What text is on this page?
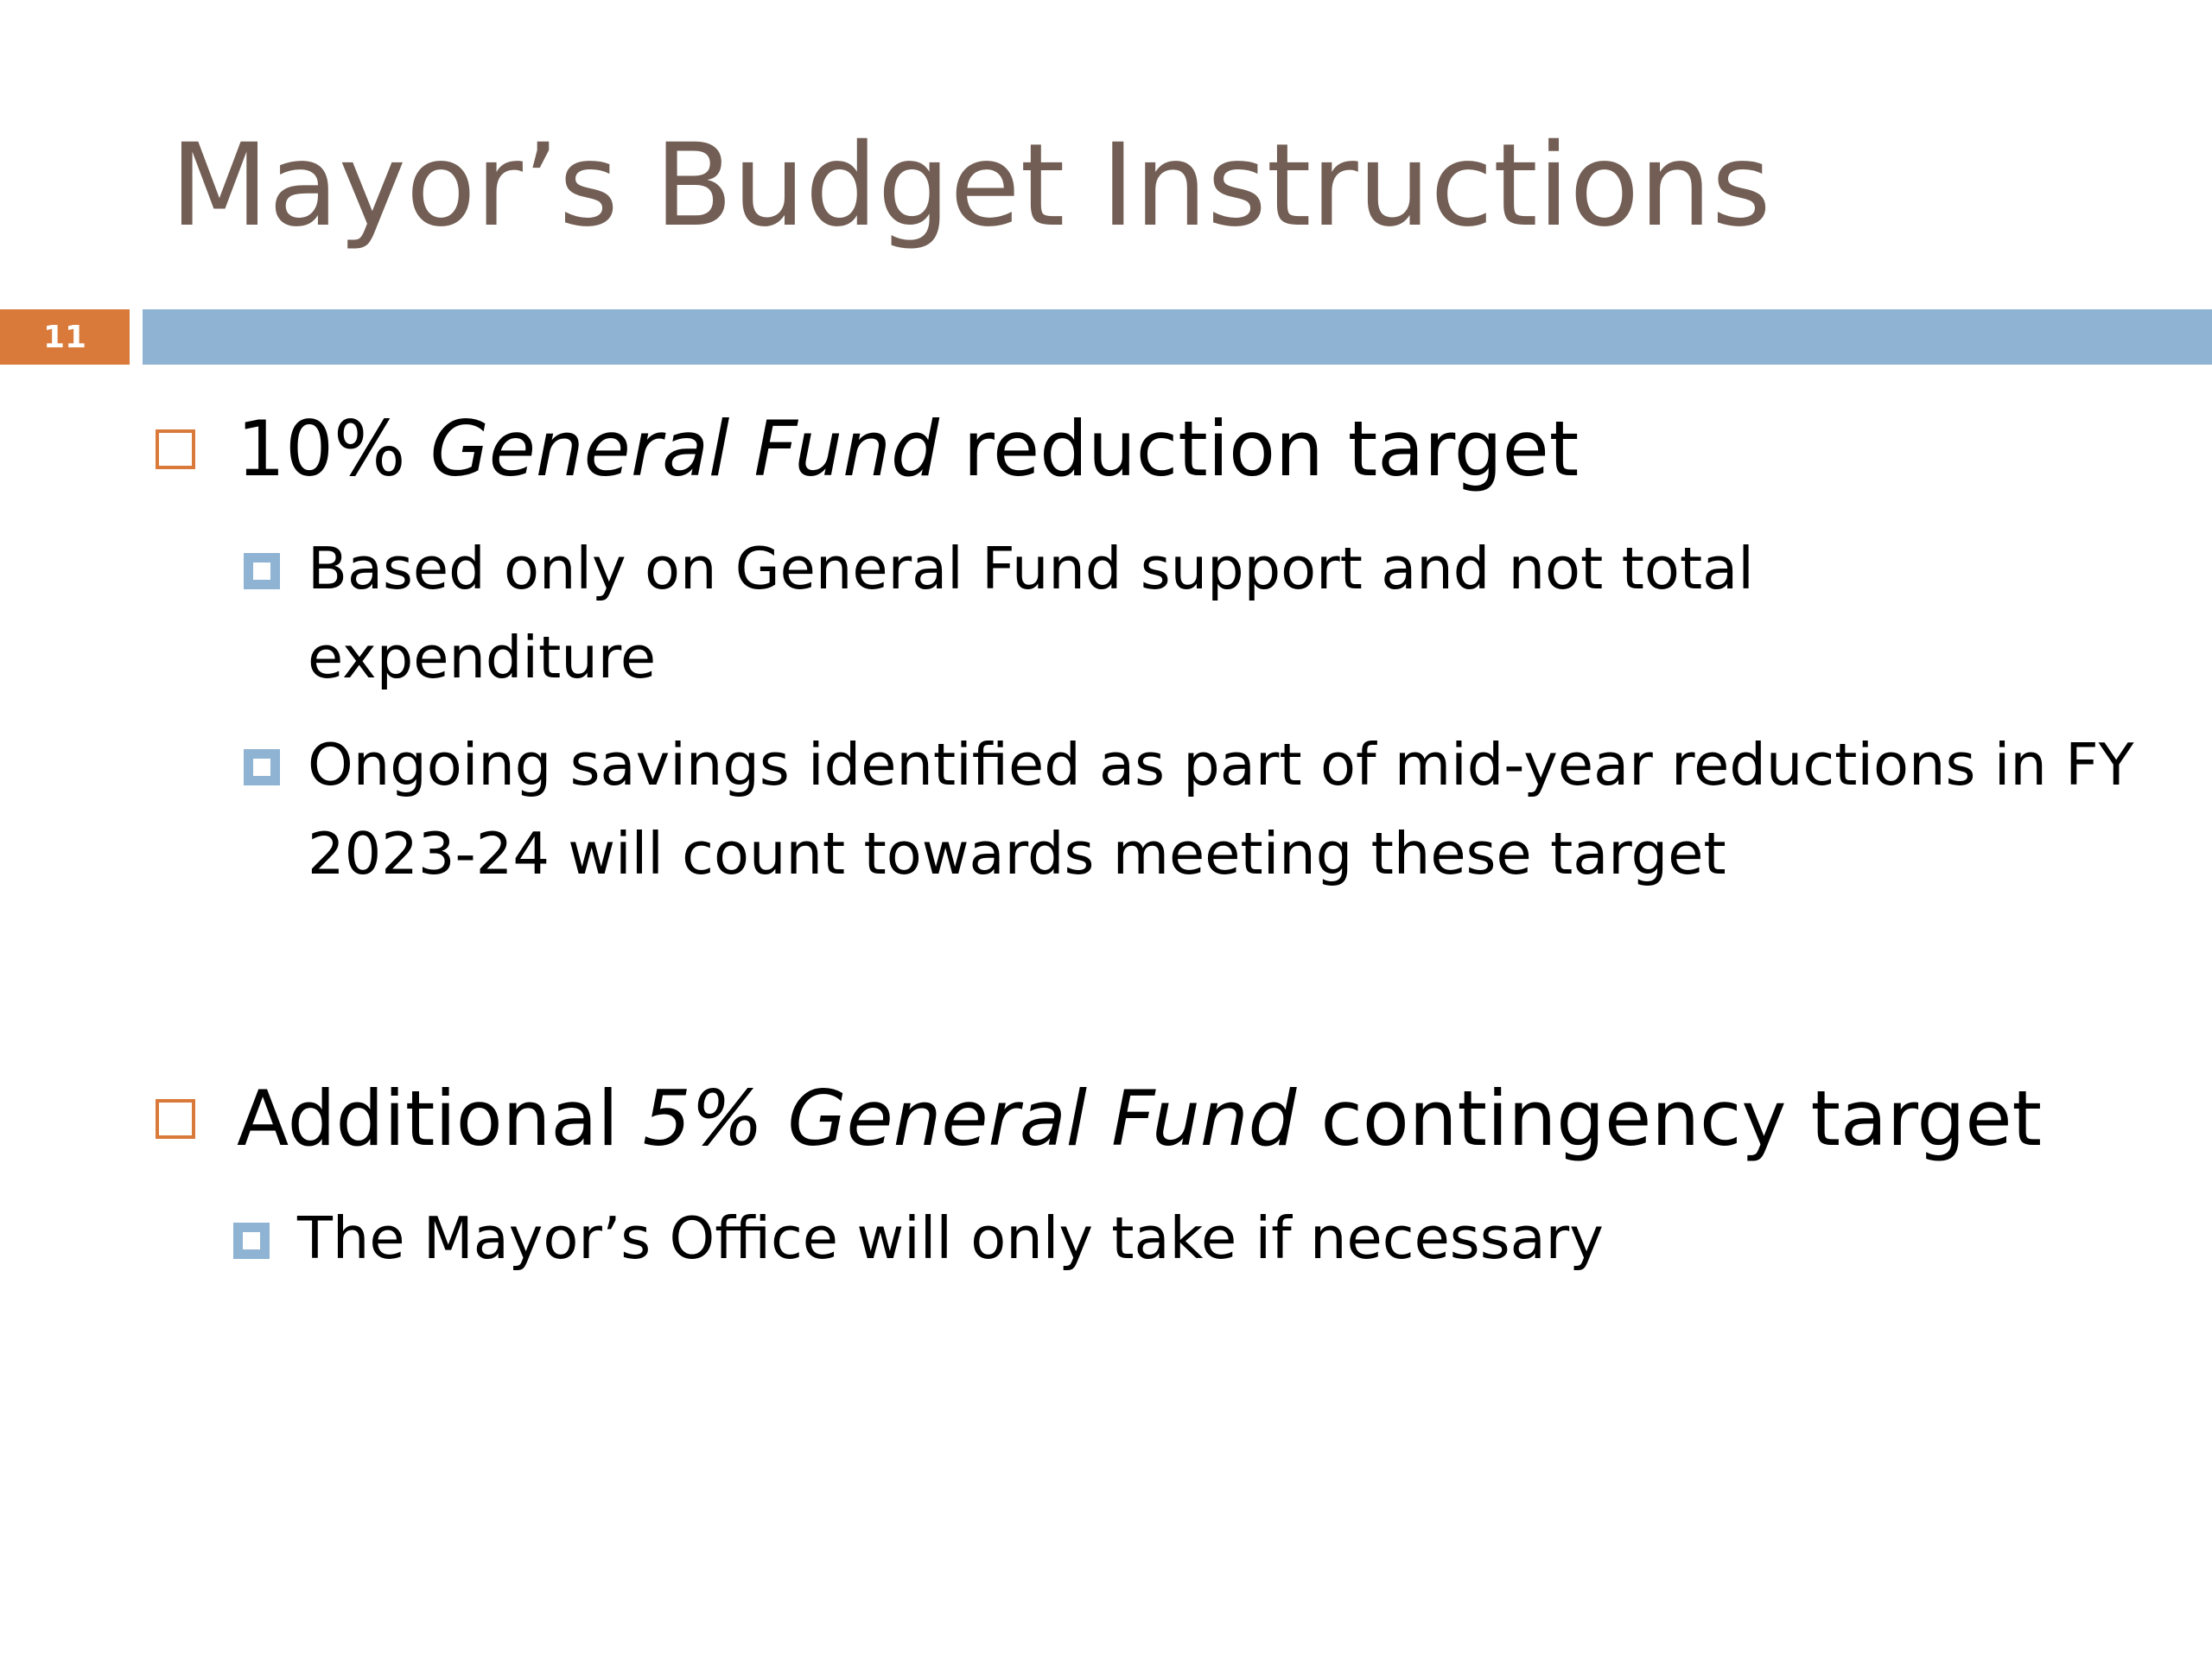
Mayor’s Budget Instructions
11
10% General Fund reduction target
Based only on General Fund support and not total expenditure
Ongoing savings identified as part of mid-year reductions in FY 2023-24 will count towards meeting these target
Additional 5% General Fund contingency target
The Mayor’s Office will only take if necessary
